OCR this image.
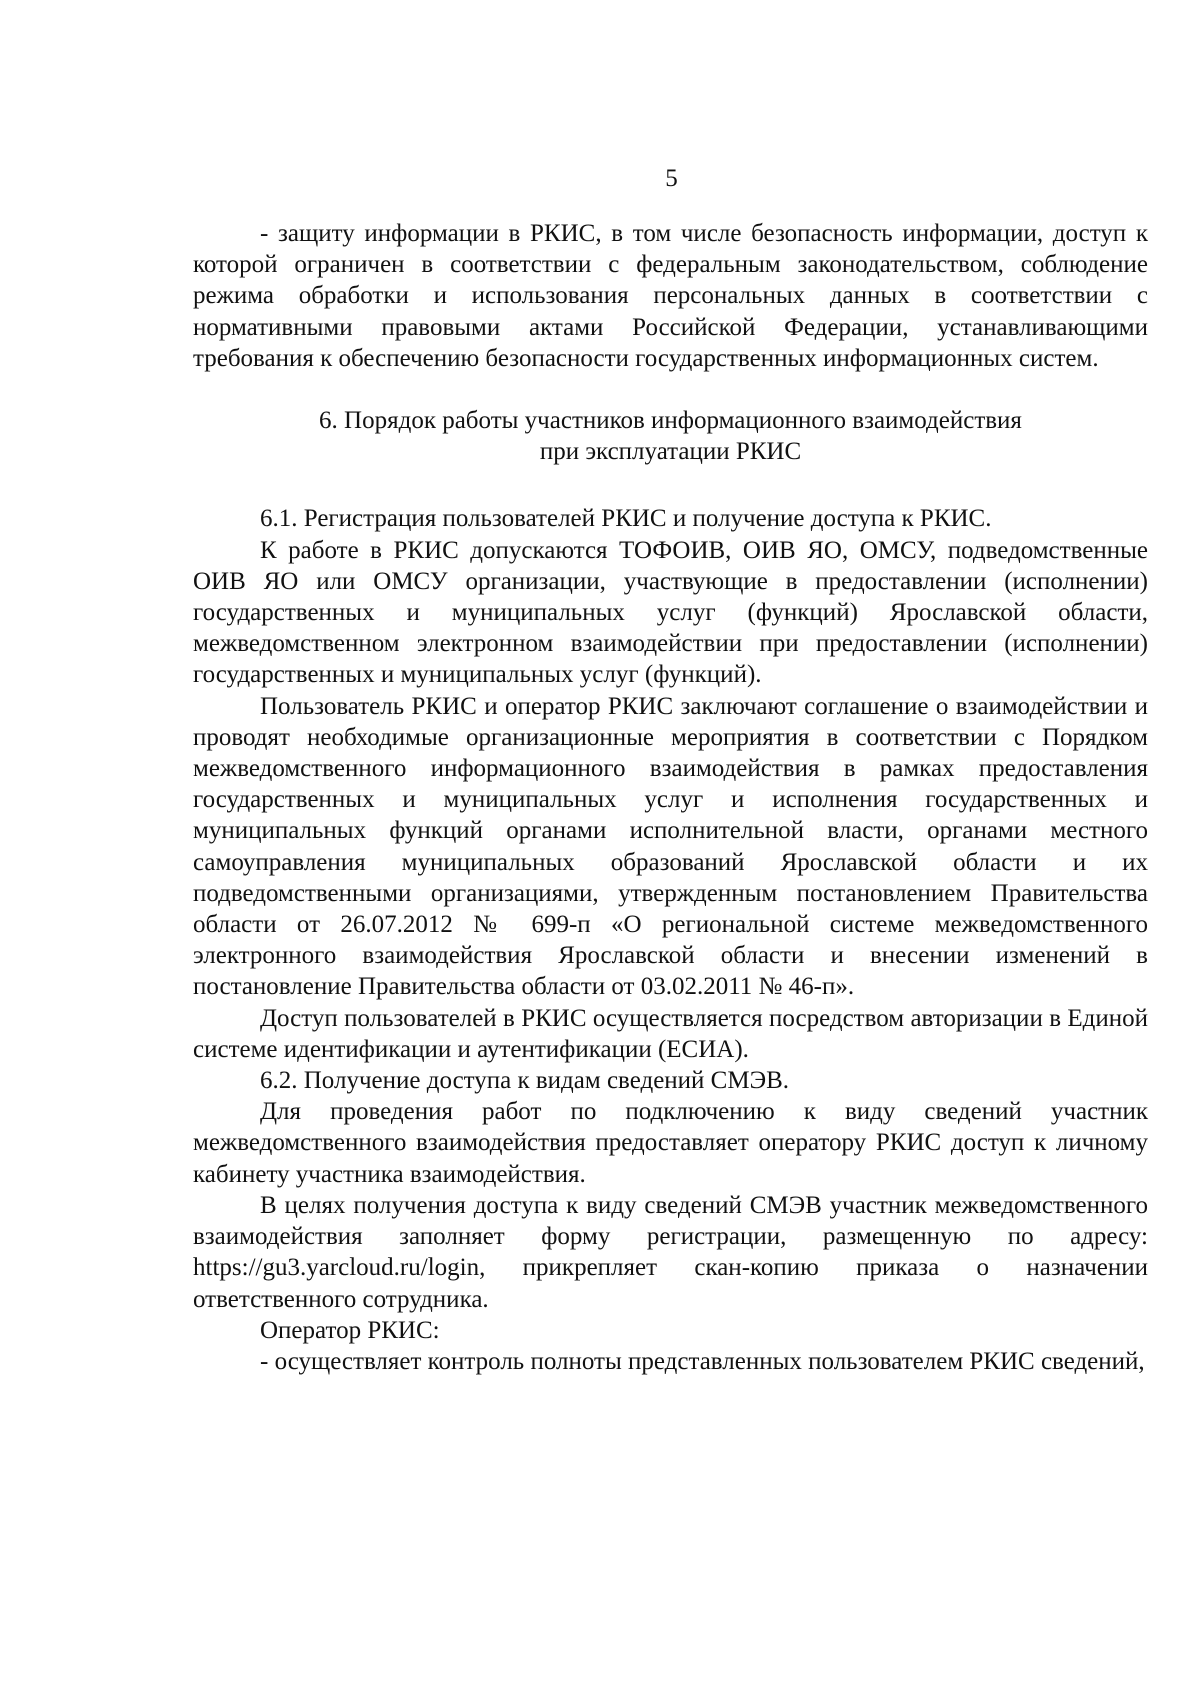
5

- защиту информации в РКИС, в том числе безопасность информации, доступ к которой ограничен в соответствии с федеральным законодательством, соблюдение режима обработки и использования персональных данных в соответствии с нормативными правовыми актами Российской Федерации, устанавливающими требования к обеспечению безопасности государственных информационных систем.

6. Порядок работы участников информационного взаимодействия
при эксплуатации РКИС

6.1. Регистрация пользователей РКИС и получение доступа к РКИС.

К работе в РКИС допускаются ТОФОИВ, ОИВ ЯО, ОМСУ, подведомственные ОИВ ЯО или ОМСУ организации, участвующие в предоставлении (исполнении) государственных и муниципальных услуг (функций) Ярославской области, межведомственном электронном взаимодействии при предоставлении (исполнении) государственных и муниципальных услуг (функций).

Пользователь РКИС и оператор РКИС заключают соглашение о взаимодействии и проводят необходимые организационные мероприятия в соответствии с Порядком межведомственного информационного взаимодействия в рамках предоставления государственных и муниципальных услуг и исполнения государственных и муниципальных функций органами исполнительной власти, органами местного самоуправления муниципальных образований Ярославской области и их подведомственными организациями, утвержденным постановлением Правительства области от 26.07.2012 № 699-п «О региональной системе межведомственного электронного взаимодействия Ярославской области и внесении изменений в постановление Правительства области от 03.02.2011 № 46-п».

Доступ пользователей в РКИС осуществляется посредством авторизации в Единой системе идентификации и аутентификации (ЕСИА).

6.2. Получение доступа к видам сведений СМЭВ.

Для проведения работ по подключению к виду сведений участник межведомственного взаимодействия предоставляет оператору РКИС доступ к личному кабинету участника взаимодействия.

В целях получения доступа к виду сведений СМЭВ участник межведомственного взаимодействия заполняет форму регистрации, размещенную по адресу: https://gu3.yarcloud.ru/login, прикрепляет скан-копию приказа о назначении ответственного сотрудника.

Оператор РКИС:

- осуществляет контроль полноты представленных пользователем РКИС сведений,
